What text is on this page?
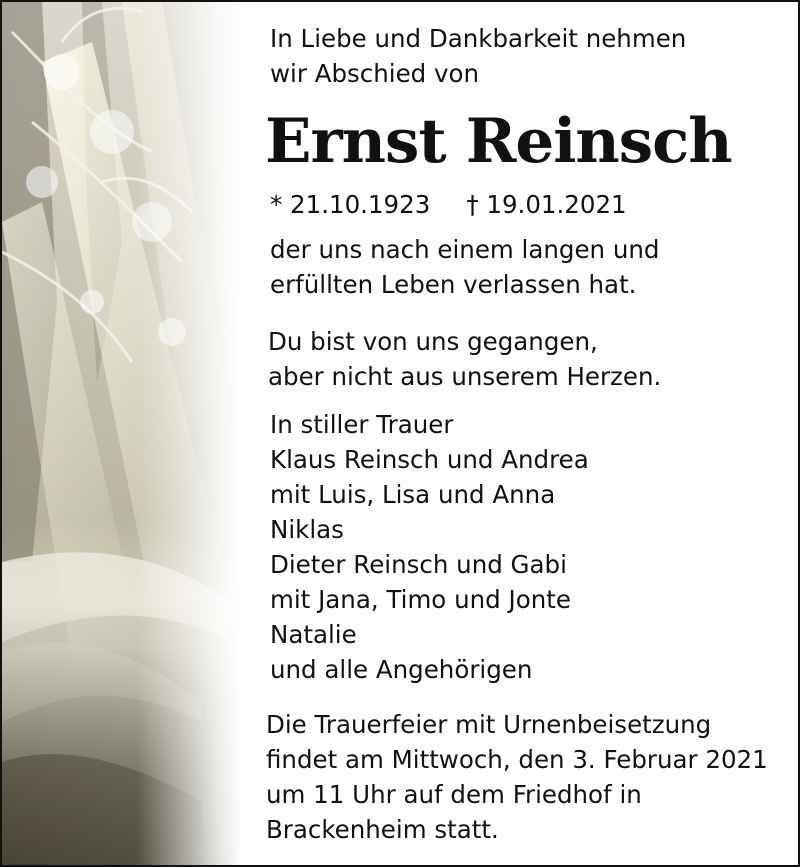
In Liebe und Dankbarkeit nehmen
wir Abschied von

Ernst Reinsch
* 21.10.1923 † 19.01.2021

der uns nach einem langen und
erfüllten Leben verlassen hat.

Du bist von uns gegangen,
aber nicht aus unserem Herzen.

In stiller Trauer
Klaus Reinsch und Andrea
mit Luis, Lisa und Anna
Niklas
Dieter Reinsch und Gabi
mit Jana, Timo und Jonte
Natalie
und alle Angehörigen

Die Trauerfeier mit Urnenbeisetzung
findet am Mittwoch, den 3. Februar 2021
um 11 Uhr auf dem Friedhof in
Brackenheim statt.
